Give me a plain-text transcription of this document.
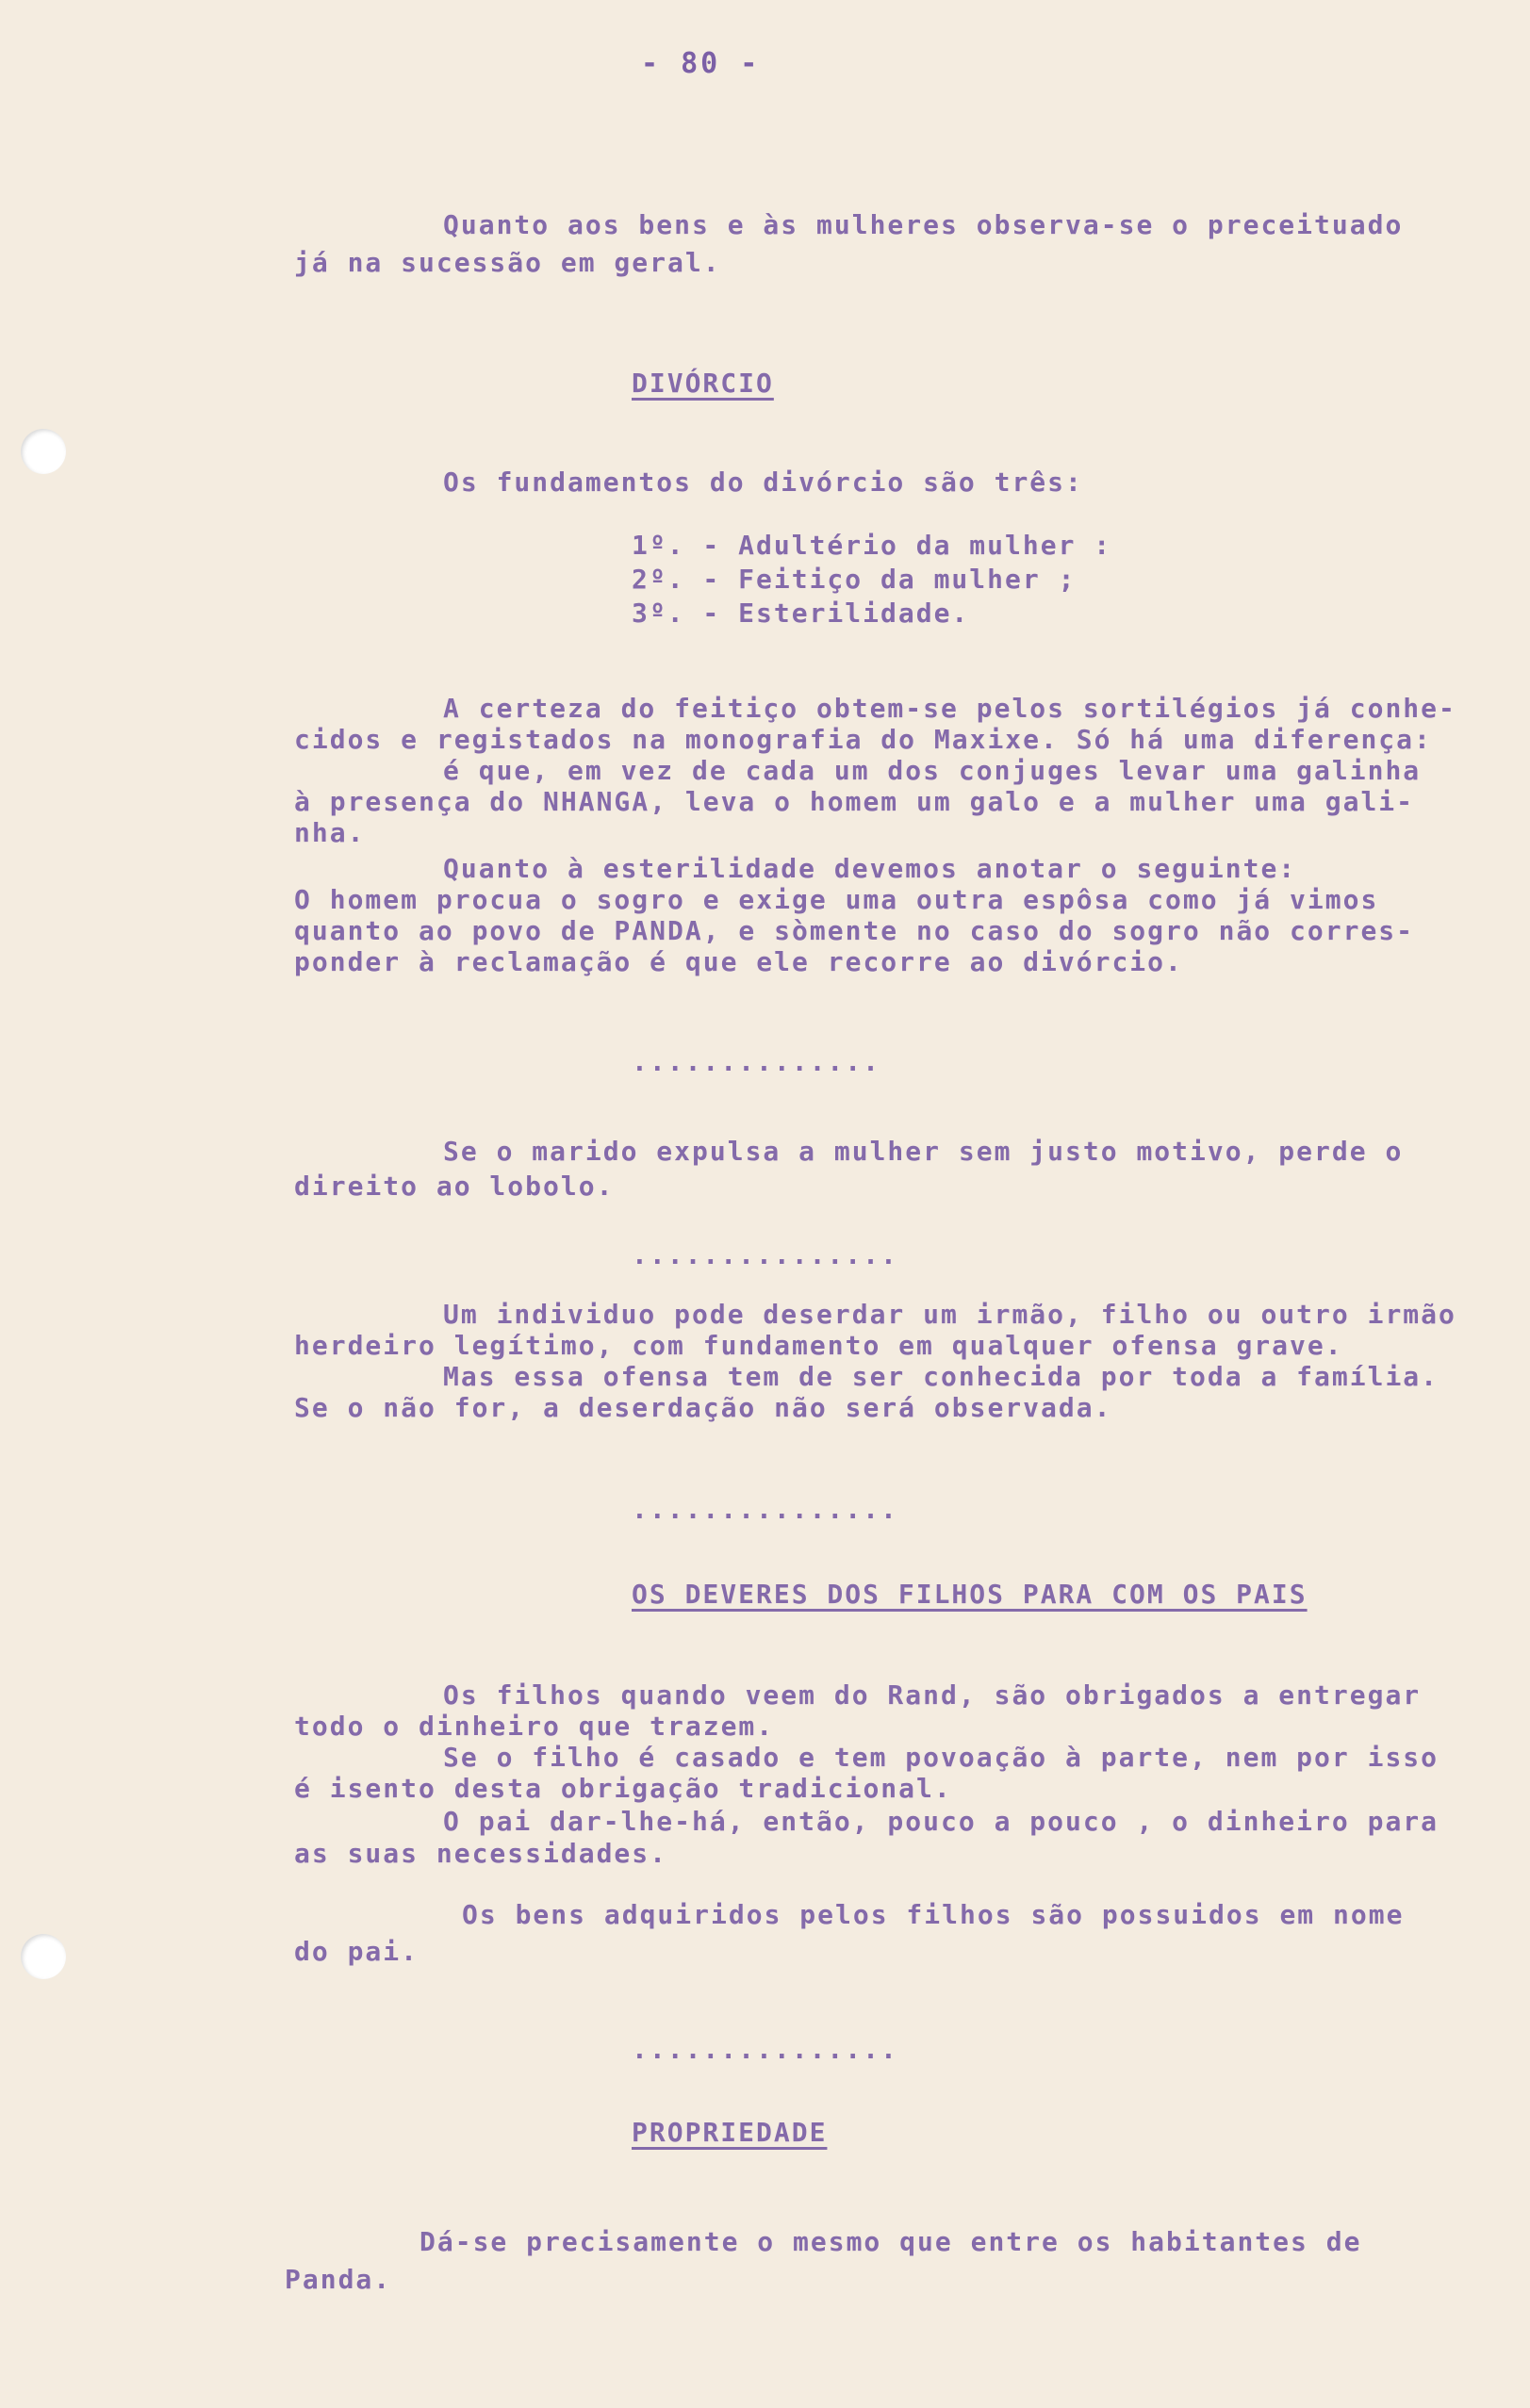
- 80 -
Quanto aos bens e às mulheres observa-se o preceituado
já na sucessão em geral.
DIVÓRCIO
Os fundamentos do divórcio são três:
1º. - Adultério da mulher :
2º. - Feitiço da mulher ;
3º. - Esterilidade.
A certeza do feitiço obtem-se pelos sortilégios já conhe-
cidos e registados na monografia do Maxixe. Só há uma diferença:
é que, em vez de cada um dos conjuges levar uma galinha
à presença do NHANGA, leva o homem um galo e a mulher uma gali-
nha.
Quanto à esterilidade devemos anotar o seguinte:
O homem procua o sogro e exige uma outra espôsa como já vimos
quanto ao povo de PANDA, e sòmente no caso do sogro não corres-
ponder à reclamação é que ele recorre ao divórcio.
..............
Se o marido expulsa a mulher sem justo motivo, perde o
direito ao lobolo.
...............
Um individuo pode deserdar um irmão, filho ou outro irmão
herdeiro legítimo, com fundamento em qualquer ofensa grave.
Mas essa ofensa tem de ser conhecida por toda a família.
Se o não for, a deserdação não será observada.
...............
OS DEVERES DOS FILHOS PARA COM OS PAIS
Os filhos quando veem do Rand, são obrigados a entregar
todo o dinheiro que trazem.
Se o filho é casado e tem povoação à parte, nem por isso
é isento desta obrigação tradicional.
O pai dar-lhe-há, então, pouco a pouco , o dinheiro para
as suas necessidades.
Os bens adquiridos pelos filhos são possuidos em nome
do pai.
...............
PROPRIEDADE
Dá-se precisamente o mesmo que entre os habitantes de
Panda.
